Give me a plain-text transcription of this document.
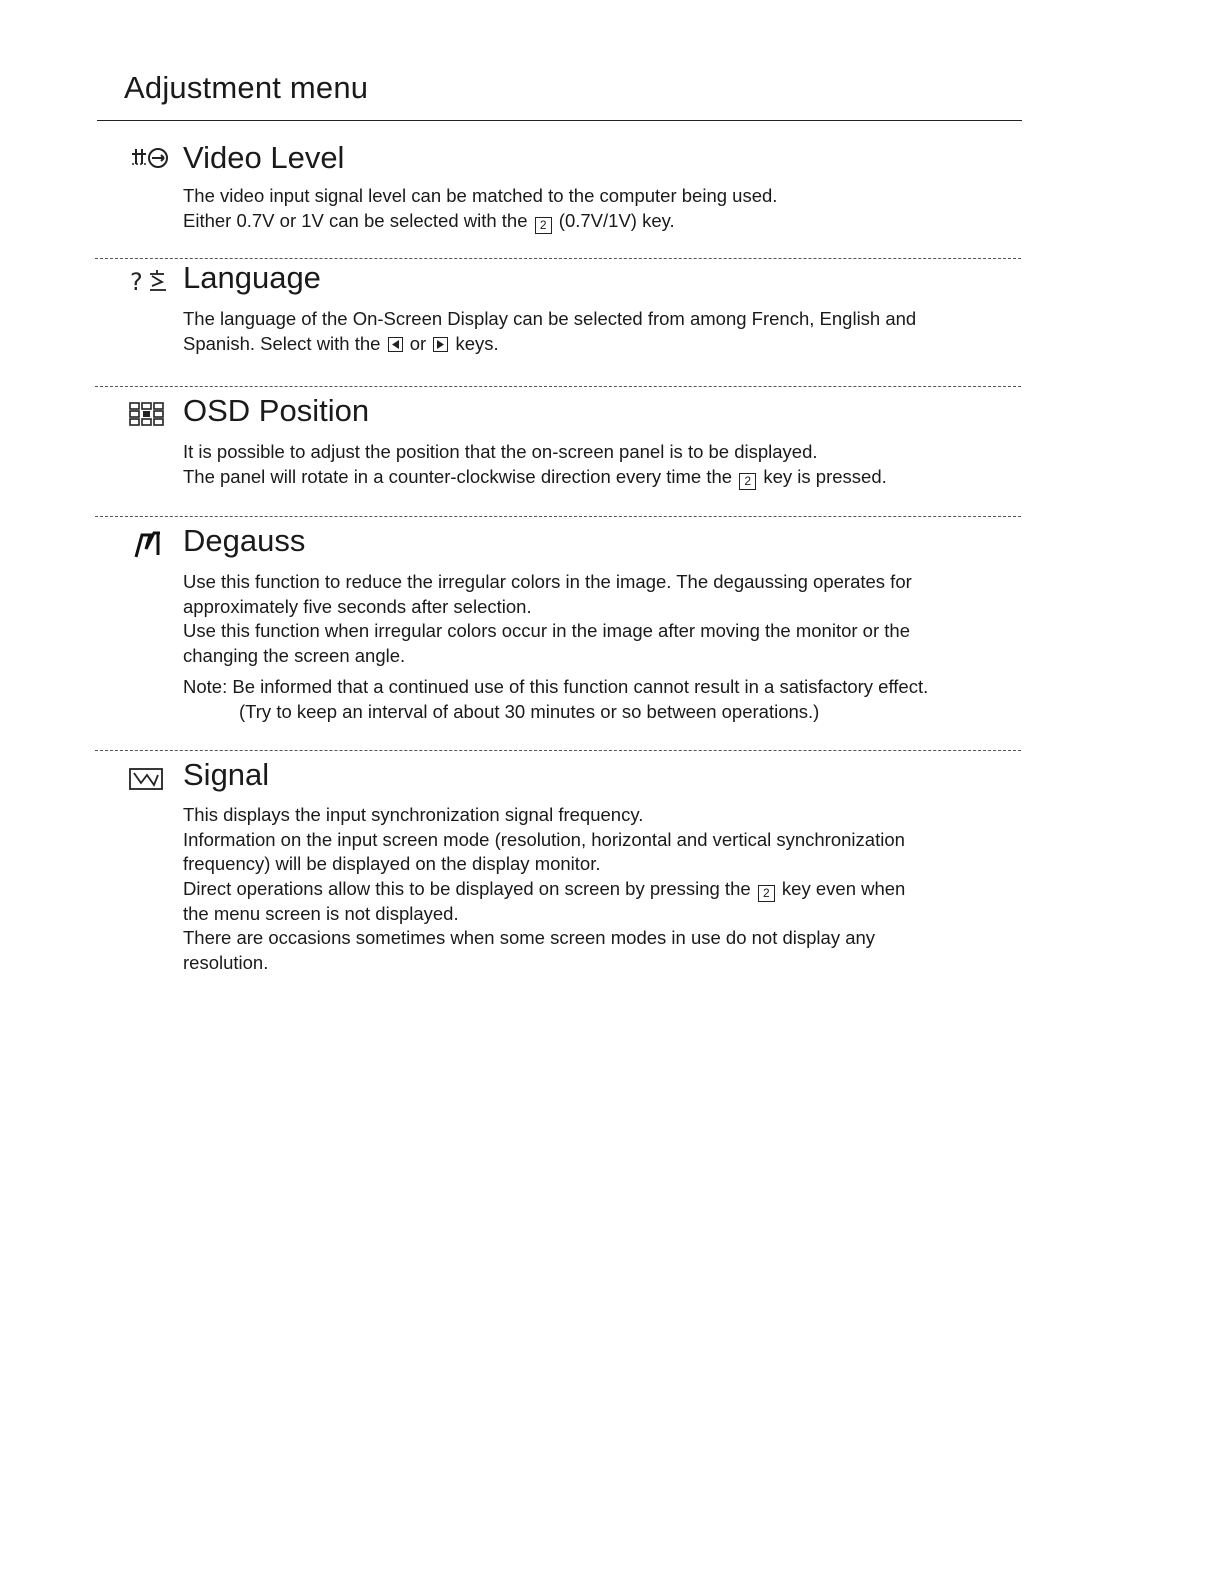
Adjustment menu
Video Level

The video input signal level can be matched to the computer being used.

Either 0.7V or 1V can be selected with the 2 (0.7V/1V) key.

? Language

The language of the On-Screen Display can be selected from among French, English and

Spanish. Select with the
or
keys.

OSD Position

It is possible to adjust the position that the on-screen panel is to be displayed.

The panel will rotate in a counter-clockwise direction every time the 2 key is pressed.

Degauss

Use this function to reduce the irregular colors in the image. The degaussing operates for

approximately five seconds after selection.

Use this function when irregular colors occur in the image after moving the monitor or the

changing the screen angle.

Note: Be informed that a continued use of this function cannot result in a satisfactory effect.

(Try to keep an interval of about 30 minutes or so between operations.)

Signal

This displays the input synchronization signal frequency.

Information on the input screen mode (resolution, horizontal and vertical synchronization

frequency) will be displayed on the display monitor.

Direct operations allow this to be displayed on screen by pressing the 2 key even when

the menu screen is not displayed.

There are occasions sometimes when some screen modes in use do not display any

resolution.
